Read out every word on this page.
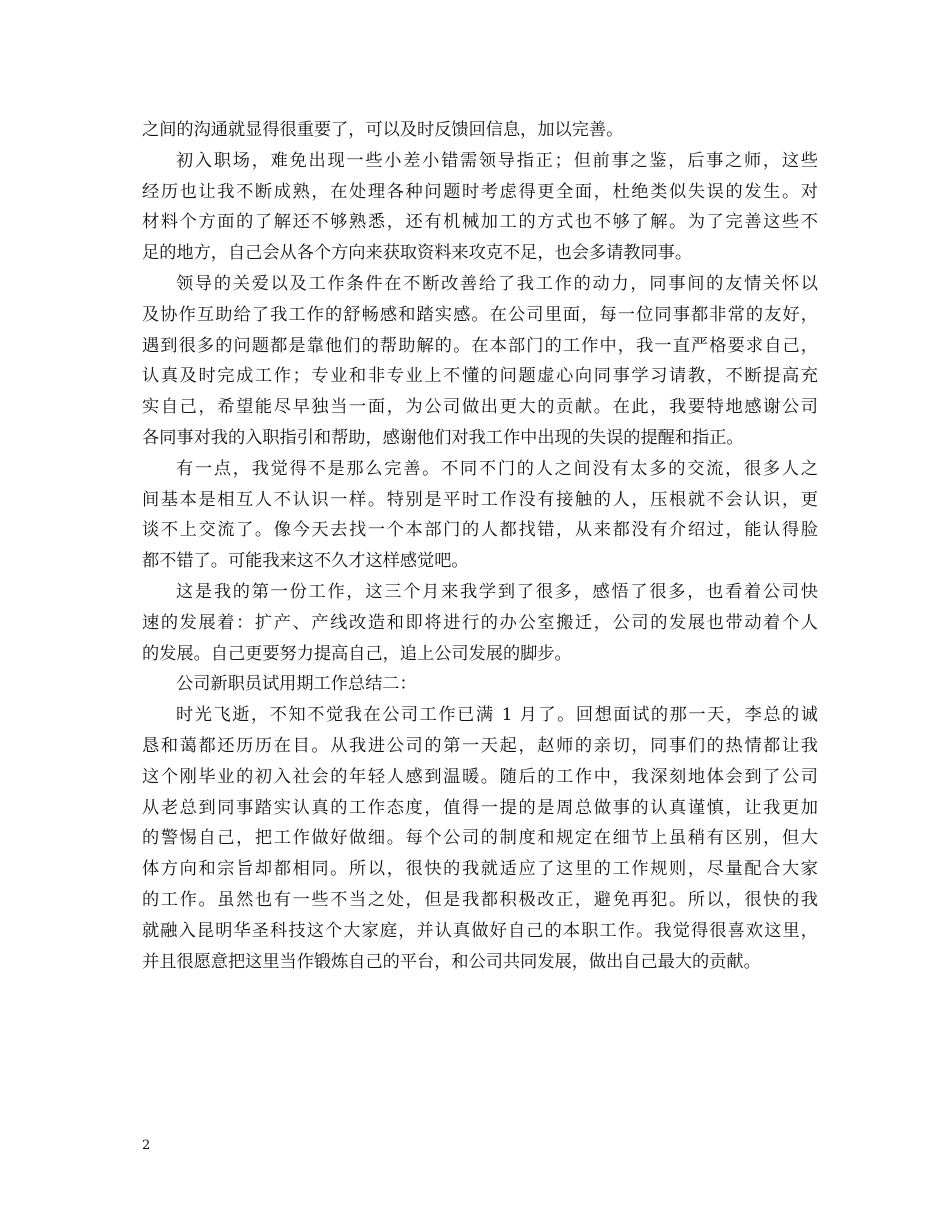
之间的沟通就显得很重要了，可以及时反馈回信息，加以完善。
初入职场，难免出现一些小差小错需领导指正；但前事之鉴，后事之师，这些
经历也让我不断成熟，在处理各种问题时考虑得更全面，杜绝类似失误的发生。对
材料个方面的了解还不够熟悉，还有机械加工的方式也不够了解。为了完善这些不
足的地方，自己会从各个方向来获取资料来攻克不足，也会多请教同事。
领导的关爱以及工作条件在不断改善给了我工作的动力，同事间的友情关怀以
及协作互助给了我工作的舒畅感和踏实感。在公司里面，每一位同事都非常的友好，
遇到很多的问题都是靠他们的帮助解的。在本部门的工作中，我一直严格要求自己，
认真及时完成工作；专业和非专业上不懂的问题虚心向同事学习请教，不断提高充
实自己，希望能尽早独当一面，为公司做出更大的贡献。在此，我要特地感谢公司
各同事对我的入职指引和帮助，感谢他们对我工作中出现的失误的提醒和指正。
有一点，我觉得不是那么完善。不同不门的人之间没有太多的交流，很多人之
间基本是相互人不认识一样。特别是平时工作没有接触的人，压根就不会认识，更
谈不上交流了。像今天去找一个本部门的人都找错，从来都没有介绍过，能认得脸
都不错了。可能我来这不久才这样感觉吧。
这是我的第一份工作，这三个月来我学到了很多，感悟了很多，也看着公司快
速的发展着：扩产、产线改造和即将进行的办公室搬迁，公司的发展也带动着个人
的发展。自己更要努力提高自己，追上公司发展的脚步。
公司新职员试用期工作总结二：
时光飞逝，不知不觉我在公司工作已满 1 月了。回想面试的那一天，李总的诚
恳和蔼都还历历在目。从我进公司的第一天起，赵师的亲切，同事们的热情都让我
这个刚毕业的初入社会的年轻人感到温暖。随后的工作中，我深刻地体会到了公司
从老总到同事踏实认真的工作态度，值得一提的是周总做事的认真谨慎，让我更加
的警惕自己，把工作做好做细。每个公司的制度和规定在细节上虽稍有区别，但大
体方向和宗旨却都相同。所以，很快的我就适应了这里的工作规则，尽量配合大家
的工作。虽然也有一些不当之处，但是我都积极改正，避免再犯。所以，很快的我
就融入昆明华圣科技这个大家庭，并认真做好自己的本职工作。我觉得很喜欢这里，
并且很愿意把这里当作锻炼自己的平台，和公司共同发展，做出自己最大的贡献。
2
